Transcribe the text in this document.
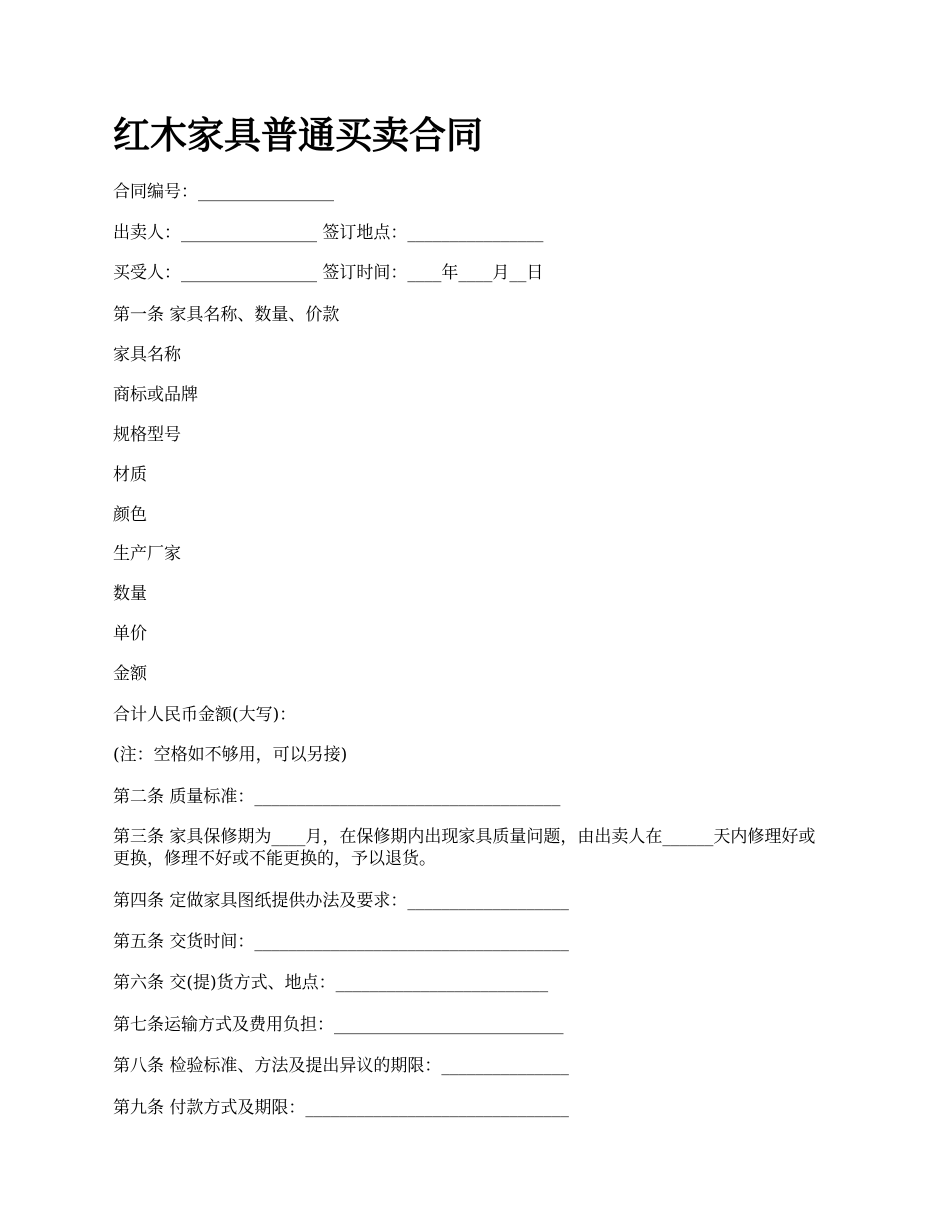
红木家具普通买卖合同
合同编号：________________
出卖人：________________ 签订地点：________________
买受人：________________ 签订时间：____年____月__日
第一条 家具名称、数量、价款
家具名称
商标或品牌
规格型号
材质
颜色
生产厂家
数量
单价
金额
合计人民币金额(大写)：
(注：空格如不够用，可以另接)
第二条 质量标准：____________________________________
第三条 家具保修期为____月，在保修期内出现家具质量问题，由出卖人在______天内修理好或更换，修理不好或不能更换的，予以退货。
第四条 定做家具图纸提供办法及要求：___________________
第五条 交货时间：_____________________________________
第六条 交(提)货方式、地点：_________________________
第七条运输方式及费用负担：___________________________
第八条 检验标准、方法及提出异议的期限：_______________
第九条 付款方式及期限：_______________________________
